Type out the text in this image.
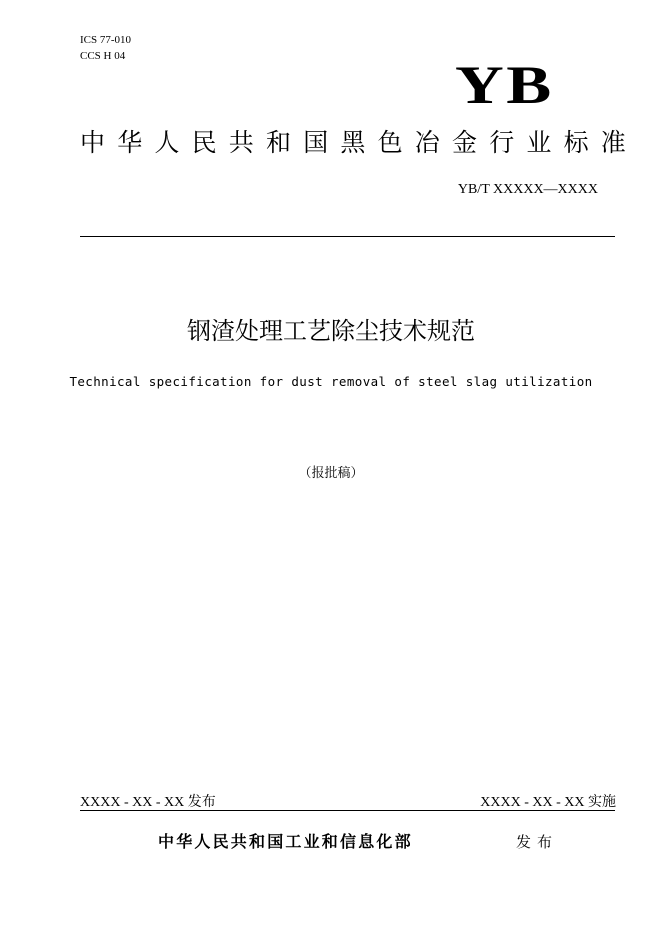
ICS 77-010
CCS H 04	YB
中华人民共和国黑色冶金行业标准
YB/T XXXXX—XXXX
钢渣处理工艺除尘技术规范
Technical specification for dust removal of steel slag utilization
（报批稿）
XXXX - XX - XX 发布	XXXX - XX - XX 实施
中华人民共和国工业和信息化部	发布
